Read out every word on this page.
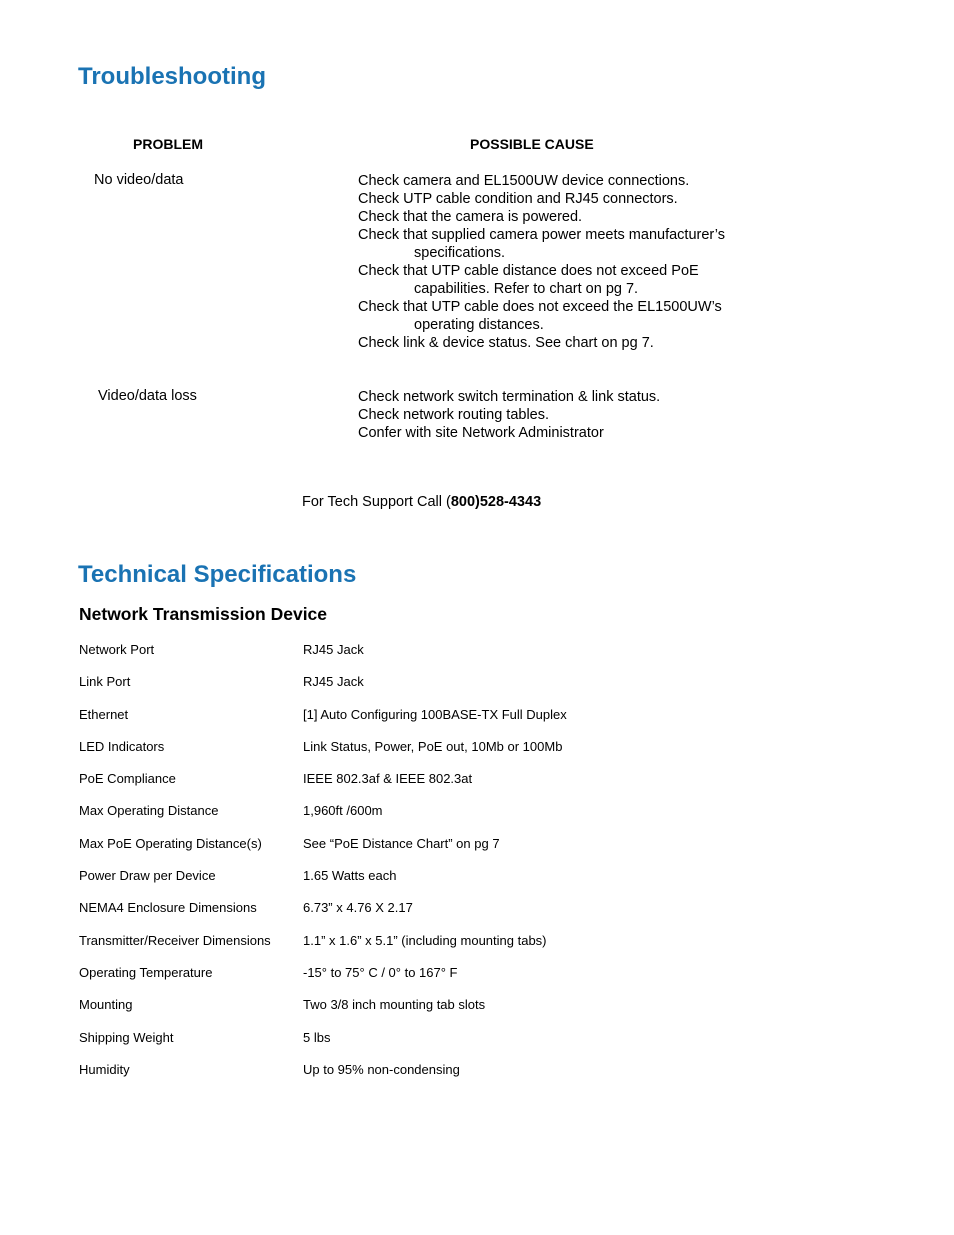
Troubleshooting
PROBLEM	POSSIBLE CAUSE
No video/data	Check camera and EL1500UW device connections.
Check UTP cable condition and RJ45 connectors.
Check that the camera is powered.
Check that supplied camera power meets manufacturer’s
specifications.
Check that UTP cable distance does not exceed PoE
capabilities. Refer to chart on pg 7.
Check that UTP cable does not exceed the EL1500UW’s
operating distances.
Check link & device status. See chart on pg 7.
Video/data loss	Check network switch termination & link status.
Check network routing tables.
Confer with site Network Administrator

For Tech Support Call (800)528-4343

Technical Specifications
Network Transmission Device
Network Port	RJ45 Jack
Link Port	RJ45 Jack
Ethernet	[1] Auto Configuring 100BASE-TX Full Duplex
LED Indicators	Link Status, Power, PoE out, 10Mb or 100Mb
PoE Compliance	IEEE 802.3af & IEEE 802.3at
Max Operating Distance	1,960ft /600m
Max PoE Operating Distance(s)	See “PoE Distance Chart” on pg 7
Power Draw per Device	1.65 Watts each
NEMA4 Enclosure Dimensions	6.73” x 4.76 X 2.17
Transmitter/Receiver Dimensions	1.1” x 1.6” x 5.1” (including mounting tabs)
Operating Temperature	-15° to 75° C / 0° to 167° F
Mounting	Two 3/8 inch mounting tab slots
Shipping Weight	5 lbs
Humidity	Up to 95% non-condensing
